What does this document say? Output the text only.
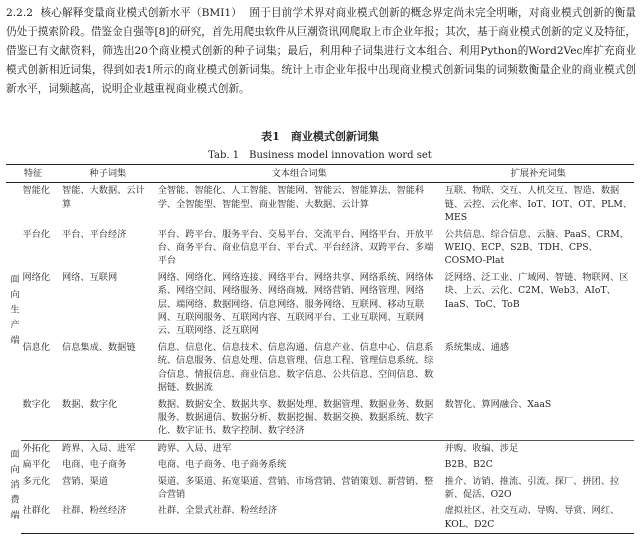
2.2.2 核心解释变量商业模式创新水平（BMI1） 囿于目前学术界对商业模式创新的概念界定尚未完全明晰，对商业模式创新的衡量仍处于摸索阶段。借鉴金自强等[8]的研究，首先用爬虫软件从巨潮资讯网爬取上市企业年报；其次，基于商业模式创新的定义及特征，借鉴已有文献资料，筛选出20个商业模式创新的种子词集；最后，利用种子词集进行文本组合、利用Python的Word2Vec库扩充商业模式创新相近词集，得到如表1所示的商业模式创新词集。统计上市企业年报中出现商业模式创新词集的词频数衡量企业的商业模式创新水平，词频越高，说明企业越重视商业模式创新。
表1　商业模式创新词集
Tab. 1　Business model innovation word set
特征		种子词集	文本组合词集	扩展补充词集
面向生产端	智能化	智能、大数据、云计算	全智能、智能化、人工智能、智能网、智能云、智能算法、智能科学、全智能型、智能型、商业智能、大数据、云计算	互联、物联、交互、人机交互、智造、数据链、云控、云化率、IoT、IOT、OT、PLM、MES
	平台化	平台、平台经济	平台、跨平台、服务平台、交易平台、交流平台、网络平台、开放平台、商务平台、商业信息平台、平台式、平台经济、双跨平台、多端平台	公共信息、综合信息、云脑、PaaS、CRM、WEIQ、ECP、S2B、TDH、CPS、COSMO-Plat
	网络化	网络、互联网	网络、网络化、网络连接、网络平台、网络共享、网络系统、网络体系、网络空间、网络服务、网络商城、网络营销、网络管理、网络层、端网络、数据网络、信息网络、服务网络、互联网、移动互联网、互联网服务、互联网内容、互联网平台、工业互联网、互联网云、互联网络、泛互联网	泛网络、泛工业、广域网、智链、物联网、区块、上云、云化、C2M、Web3、AIoT、IaaS、ToC、ToB
	信息化	信息集成、数据链	信息、信息化、信息技术、信息沟通、信息产业、信息中心、信息系统、信息服务、信息处理、信息管理、信息工程、管理信息系统、综合信息、情报信息、商业信息、数字信息、公共信息、空间信息、数据链、数据流	系统集成、通感
	数字化	数据、数字化	数据、数据安全、数据共享、数据处理、数据管理、数据业务、数据服务、数据通信、数据分析、数据挖掘、数据交换、数据系统、数字化、数字证书、数字控制、数字经济	数智化、算网融合、XaaS
面向消费端	外拓化	跨界、入局、进军	跨界、入局、进军	并购、收编、涉足
	扁平化	电商、电子商务	电商、电子商务、电子商务系统	B2B、B2C
	多元化	营销、渠道	渠道、多渠道、拓宽渠道、营销、市场营销、营销策划、新营销、整合营销	推介、访销、推流、引流、探厂、拼团、拉新、促活、O2O
	社群化	社群、粉丝经济	社群、全景式社群、粉丝经济	虚拟社区、社交互动、导购、导赏、网红、KOL、D2C
